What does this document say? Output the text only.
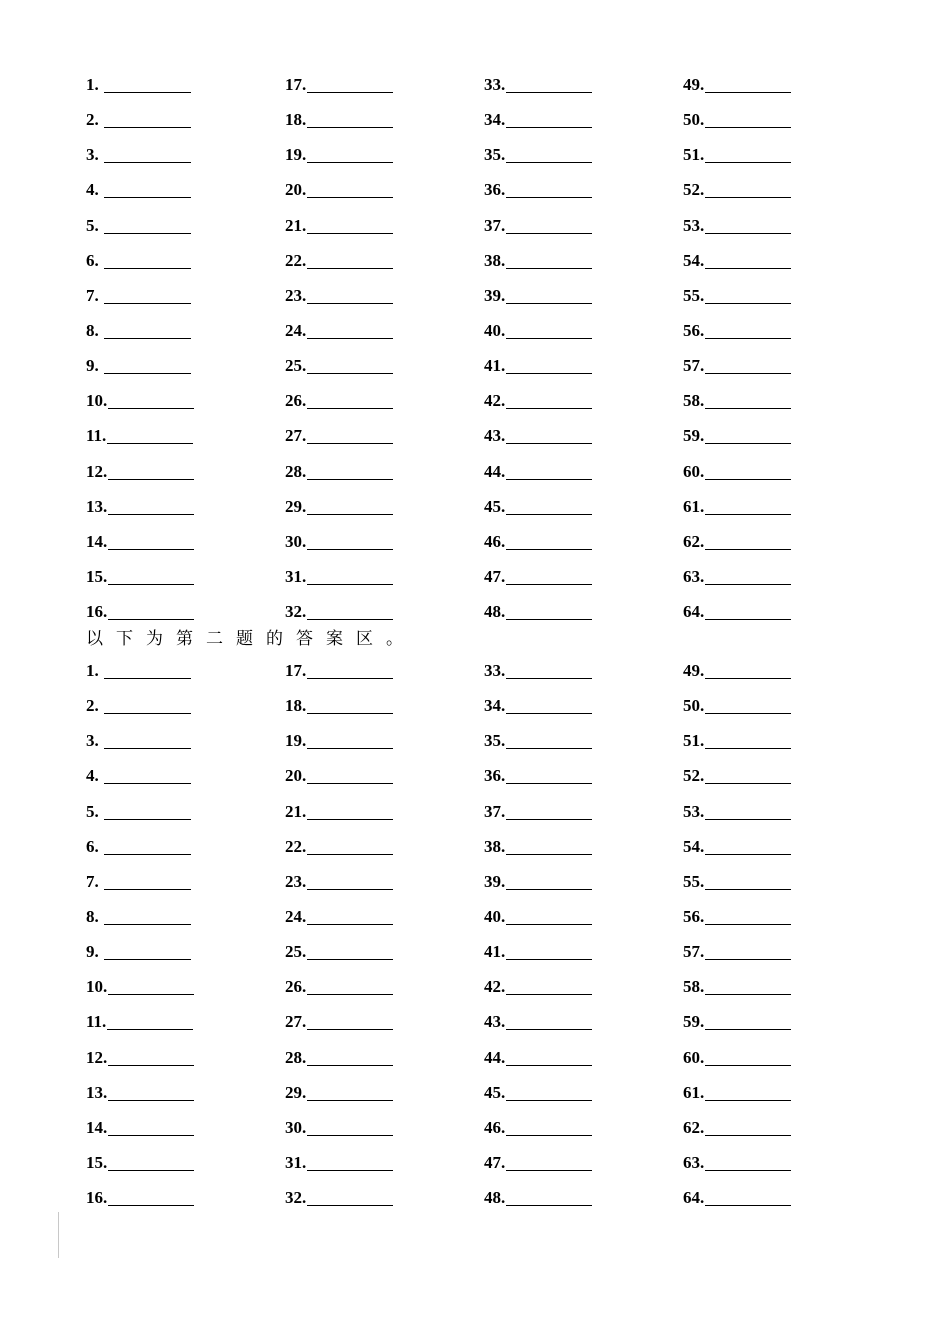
1.
2.
3.
4.
5.
6.
7.
8.
9.
10.
11.
12.
13.
14.
15.
16.
17.
18.
19.
20.
21.
22.
23.
24.
25.
26.
27.
28.
29.
30.
31.
32.
33.
34.
35.
36.
37.
38.
39.
40.
41.
42.
43.
44.
45.
46.
47.
48.
49.
50.
51.
52.
53.
54.
55.
56.
57.
58.
59.
60.
61.
62.
63.
64.
以下为第二题的答案区。
1.
2.
3.
4.
5.
6.
7.
8.
9.
10.
11.
12.
13.
14.
15.
16.
17.
18.
19.
20.
21.
22.
23.
24.
25.
26.
27.
28.
29.
30.
31.
32.
33.
34.
35.
36.
37.
38.
39.
40.
41.
42.
43.
44.
45.
46.
47.
48.
49.
50.
51.
52.
53.
54.
55.
56.
57.
58.
59.
60.
61.
62.
63.
64.
